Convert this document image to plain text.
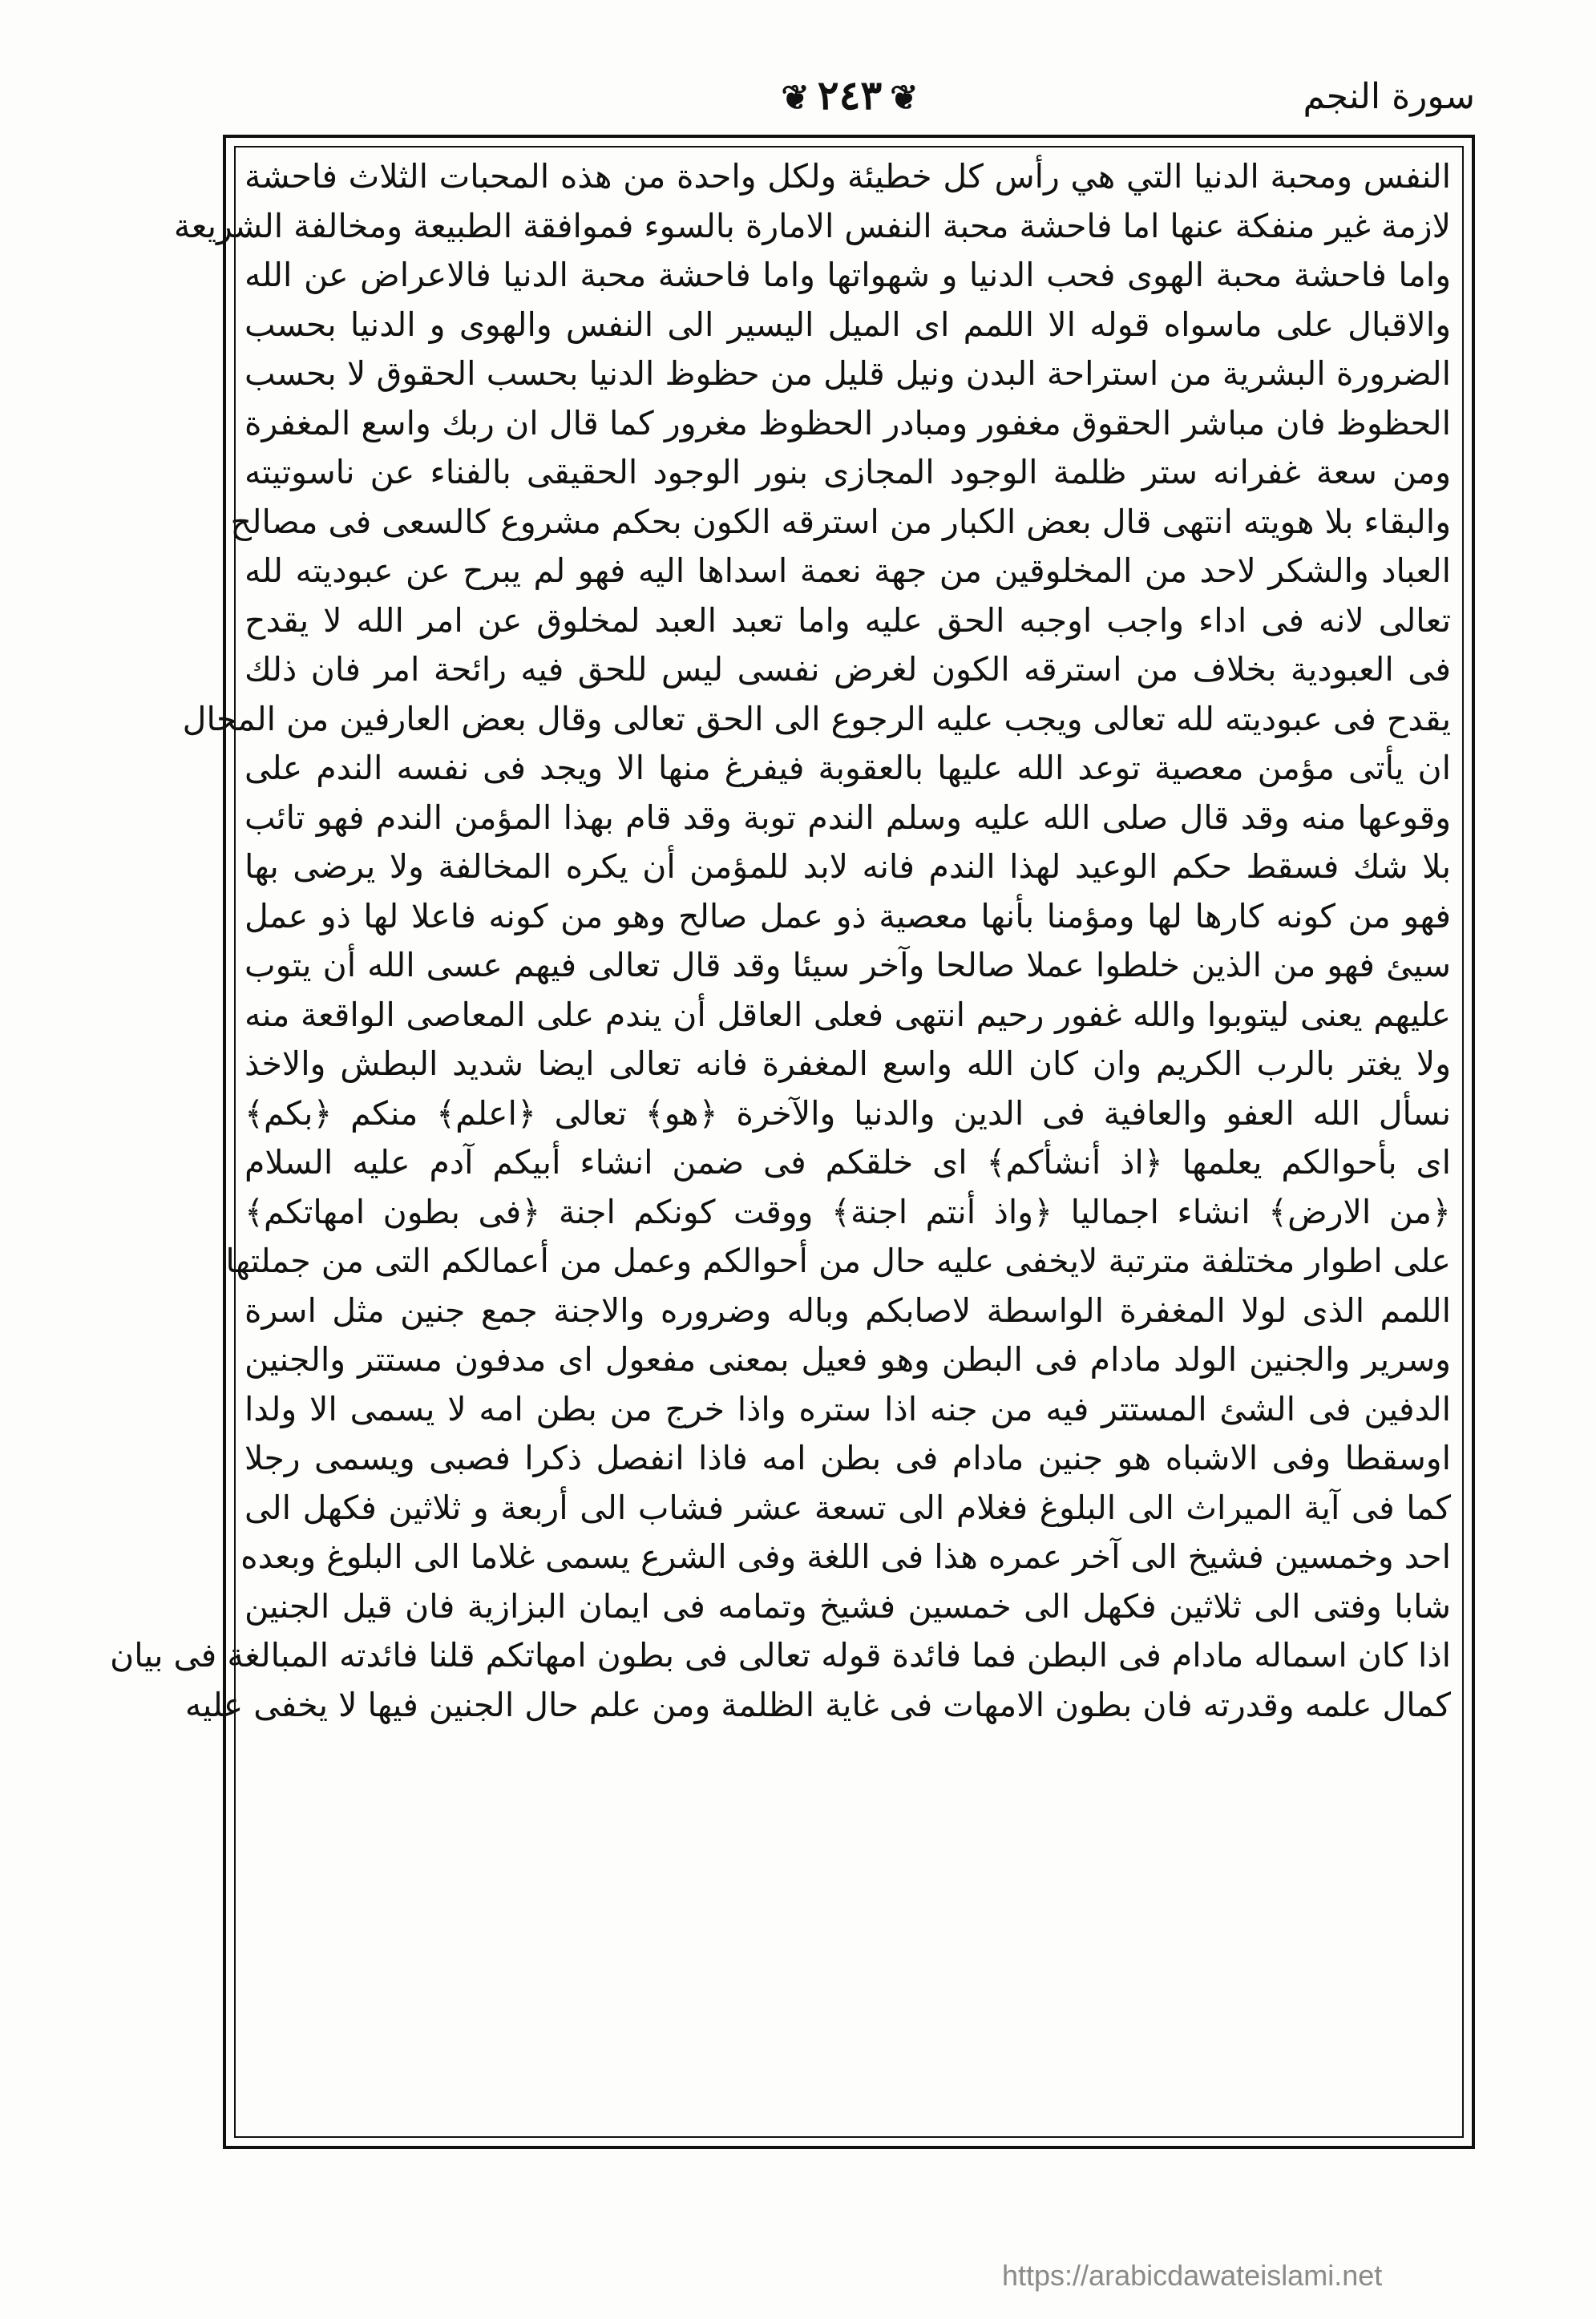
سورة النجم
❦ ٢٤٣ ❦
النفس ومحبة الدنيا التي هي رأس كل خطيئة ولكل واحدة من هذه المحبات الثلاث فاحشة
لازمة غير منفكة عنها اما فاحشة محبة النفس الامارة بالسوء فموافقة الطبيعة ومخالفة الشريعة
واما فاحشة محبة الهوى فحب الدنيا و شهواتها واما فاحشة محبة الدنيا فالاعراض عن الله
والاقبال على ماسواه قوله الا اللمم اى الميل اليسير الى النفس والهوى و الدنيا بحسب
الضرورة البشرية من استراحة البدن ونيل قليل من حظوظ الدنيا بحسب الحقوق لا بحسب
الحظوظ فان مباشر الحقوق مغفور ومبادر الحظوظ مغرور كما قال ان ربك واسع المغفرة
ومن سعة غفرانه ستر ظلمة الوجود المجازى بنور الوجود الحقيقى بالفناء عن ناسوتيته
والبقاء بلا هويته انتهى قال بعض الكبار من استرقه الكون بحكم مشروع كالسعى فى مصالح
العباد والشكر لاحد من المخلوقين من جهة نعمة اسداها اليه فهو لم يبرح عن عبوديته لله
تعالى لانه فى اداء واجب اوجبه الحق عليه واما تعبد العبد لمخلوق عن امر الله لا يقدح
فى العبودية بخلاف من استرقه الكون لغرض نفسى ليس للحق فيه رائحة امر فان ذلك
يقدح فى عبوديته لله تعالى ويجب عليه الرجوع الى الحق تعالى وقال بعض العارفين من المحال
ان يأتى مؤمن معصية توعد الله عليها بالعقوبة فيفرغ منها الا ويجد فى نفسه الندم على
وقوعها منه وقد قال صلى الله عليه وسلم الندم توبة وقد قام بهذا المؤمن الندم فهو تائب
بلا شك فسقط حكم الوعيد لهذا الندم فانه لابد للمؤمن أن يكره المخالفة ولا يرضى بها
فهو من كونه كارها لها ومؤمنا بأنها معصية ذو عمل صالح وهو من كونه فاعلا لها ذو عمل
سيئ فهو من الذين خلطوا عملا صالحا وآخر سيئا وقد قال تعالى فيهم عسى الله أن يتوب
عليهم يعنى ليتوبوا والله غفور رحيم انتهى فعلى العاقل أن يندم على المعاصى الواقعة منه
ولا يغتر بالرب الكريم وان كان الله واسع المغفرة فانه تعالى ايضا شديد البطش والاخذ
نسأل الله العفو والعافية فى الدين والدنيا والآخرة ﴿هو﴾ تعالى ﴿اعلم﴾ منكم ﴿بكم﴾
اى بأحوالكم يعلمها ﴿اذ أنشأكم﴾ اى خلقكم فى ضمن انشاء أبيكم آدم عليه السلام
﴿من الارض﴾ انشاء اجماليا ﴿واذ أنتم اجنة﴾ ووقت كونكم اجنة ﴿فى بطون امهاتكم﴾
على اطوار مختلفة مترتبة لايخفى عليه حال من أحوالكم وعمل من أعمالكم التى من جملتها
اللمم الذى لولا المغفرة الواسطة لاصابكم وباله وضروره والاجنة جمع جنين مثل اسرة
وسرير والجنين الولد مادام فى البطن وهو فعيل بمعنى مفعول اى مدفون مستتر والجنين
الدفين فى الشئ المستتر فيه من جنه اذا ستره واذا خرج من بطن امه لا يسمى الا ولدا
اوسقطا وفى الاشباه هو جنين مادام فى بطن امه فاذا انفصل ذكرا فصبى ويسمى رجلا
كما فى آية الميراث الى البلوغ فغلام الى تسعة عشر فشاب الى أربعة و ثلاثين فكهل الى
احد وخمسين فشيخ الى آخر عمره هذا فى اللغة وفى الشرع يسمى غلاما الى البلوغ وبعده
شابا وفتى الى ثلاثين فكهل الى خمسين فشيخ وتمامه فى ايمان البزازية فان قيل الجنين
اذا كان اسماله مادام فى البطن فما فائدة قوله تعالى فى بطون امهاتكم قلنا فائدته المبالغة فى بيان
كمال علمه وقدرته فان بطون الامهات فى غاية الظلمة ومن علم حال الجنين فيها لا يخفى عليه
https://arabicdawateislami.net
